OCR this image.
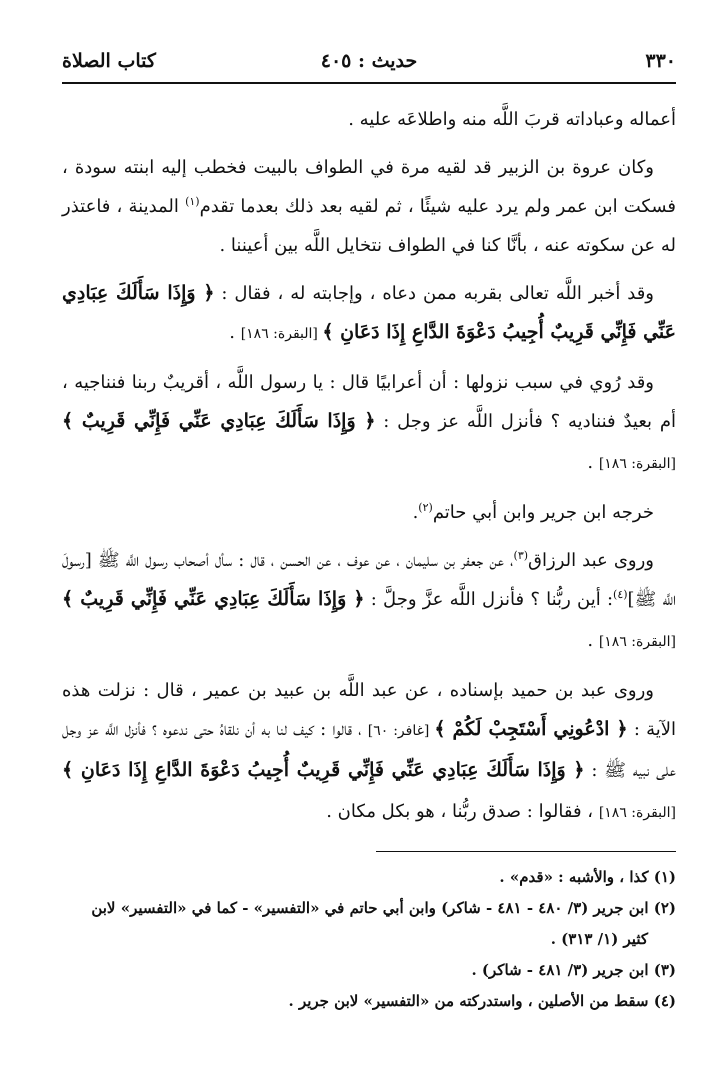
٣٣٠
حديث : ٤٠٥
كتاب الصلاة

أعماله وعباداته قربَ اللَّه منه واطلاعَه عليه .

وكان عروة بن الزبير قد لقيه مرة في الطواف بالبيت فخطب إليه ابنته سودة ، فسكت ابن عمر ولم يرد عليه شيئًا ، ثم لقيه بعد ذلك بعدما تقدم$^{(١)}$ المدينة ، فاعتذر له عن سكوته عنه ، بأنَّا كنا في الطواف نتخايل اللَّه بين أعيننا .

وقد أخبر اللَّه تعالى بقربه ممن دعاه ، وإجابته له ، فقال : ﴿ وَإِذَا سَأَلَكَ عِبَادِي عَنِّي فَإِنِّي قَرِيبٌ أُجِيبُ دَعْوَةَ الدَّاعِ إِذَا دَعَانِ ﴾ [البقرة: ١٨٦] .

وقد رُوي في سبب نزولها : أن أعرابيًا قال : يا رسول اللَّه ، أقريبٌ ربنا فنناجيه ، أم بعيدٌ فنناديه ؟ فأنزل اللَّه عز وجل : ﴿ وَإِذَا سَأَلَكَ عِبَادِي عَنِّي فَإِنِّي قَرِيبٌ ﴾ [البقرة: ١٨٦] .

خرجه ابن جرير وابن أبي حاتم$^{(٢)}$.

وروى عبد الرزاق$^{(٣)}$، عن جعفر بن سليمان ، عن عوف ، عن الحسن ، قال : سأل أصحاب رسول اللَّه ﷺ [رسولَ اللَّه ﷺ]$^{(٤)}$: أين ربُّنا ؟ فأنزل اللَّه عزَّ وجلَّ : ﴿ وَإِذَا سَأَلَكَ عِبَادِي عَنِّي فَإِنِّي قَرِيبٌ ﴾ [البقرة: ١٨٦] .

وروى عبد بن حميد بإسناده ، عن عبد اللَّه بن عبيد بن عمير ، قال : نزلت هذه الآية : ﴿ ادْعُونِي أَسْتَجِبْ لَكُمْ ﴾ [غافر: ٦٠] ، قالوا : كيف لنا به أن نلقاهُ حتى ندعوه ؟ فأنزل اللَّه عز وجل على نبيه ﷺ : ﴿ وَإِذَا سَأَلَكَ عِبَادِي عَنِّي فَإِنِّي قَرِيبٌ أُجِيبُ دَعْوَةَ الدَّاعِ إِذَا دَعَانِ ﴾ [البقرة: ١٨٦] ، فقالوا : صدق ربُّنا ، هو بكل مكان .

(١) كذا ، والأشبه : «قدم» .
(٢) ابن جرير (٣/ ٤٨٠ - ٤٨١ - شاكر) وابن أبي حاتم في «التفسير» - كما في «التفسير» لابن
كثير (١/ ٣١٣) .
(٣) ابن جرير (٣/ ٤٨١ - شاكر) .
(٤) سقط من الأصلين ، واستدركته من «التفسير» لابن جرير .
